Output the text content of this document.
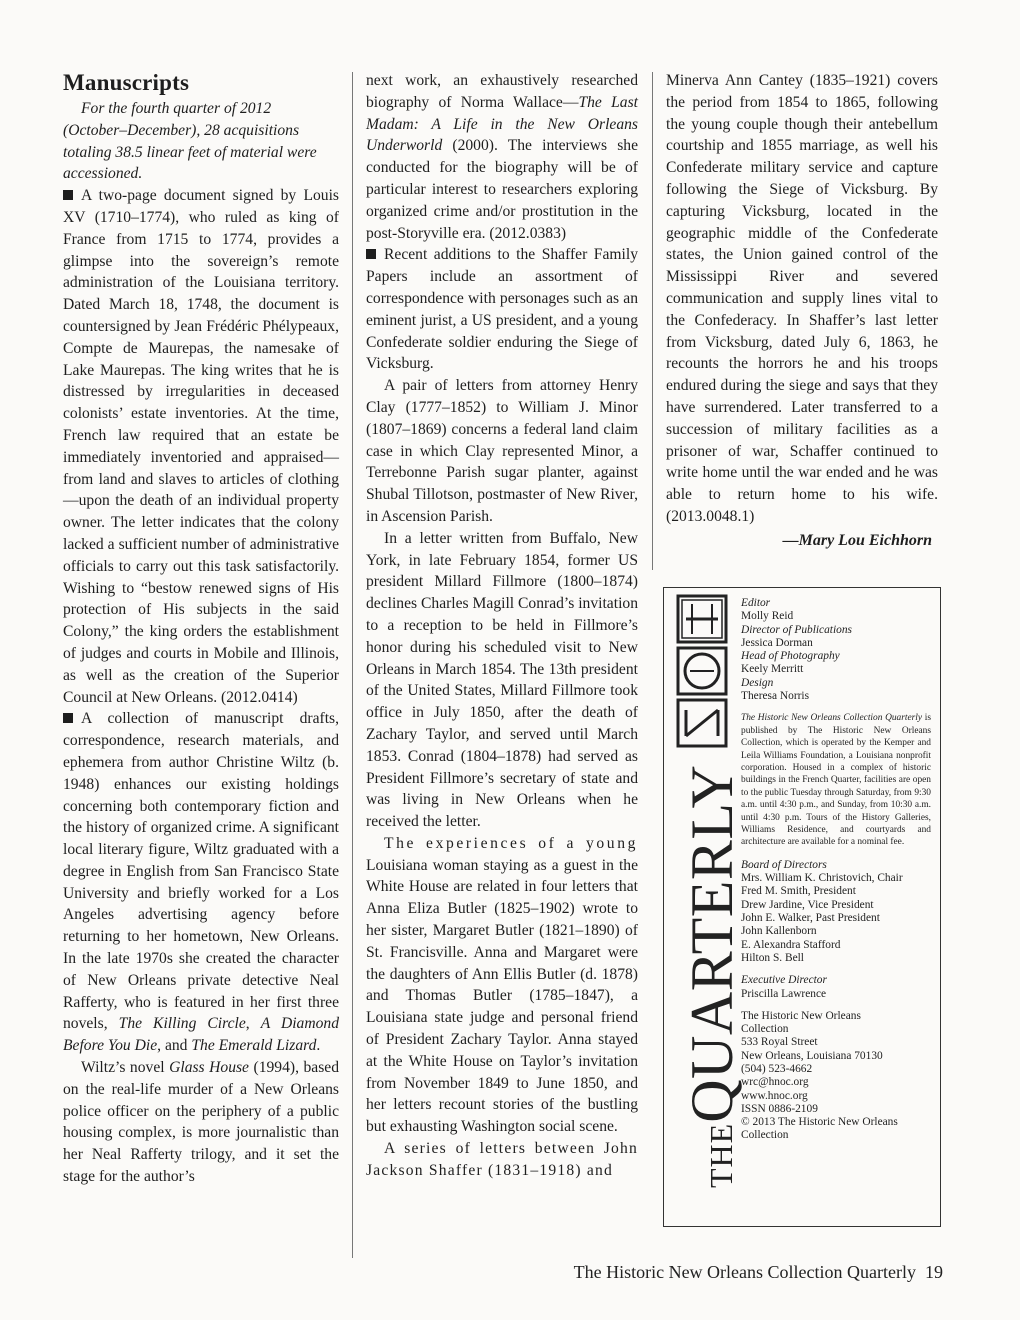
Manuscripts

For the fourth quarter of 2012 (October–December), 28 acquisitions totaling 38.5 linear feet of material were accessioned.

A two-page document signed by Louis XV (1710–1774), who ruled as king of France from 1715 to 1774, provides a glimpse into the sovereign’s remote administration of the Louisiana territory. Dated March 18, 1748, the document is countersigned by Jean Frédéric Phélypeaux, Compte de Maurepas, the namesake of Lake Maurepas. The king writes that he is distressed by irregularities in deceased colonists’ estate inventories. At the time, French law required that an estate be immediately inventoried and appraised—from land and slaves to articles of clothing—upon the death of an individual property owner. The letter indicates that the colony lacked a sufficient number of administrative officials to carry out this task satisfactorily. Wishing to “bestow renewed signs of His protection of His subjects in the said Colony,” the king orders the establishment of judges and courts in Mobile and Illinois, as well as the creation of the Superior Council at New Orleans. (2012.0414)

A collection of manuscript drafts, correspondence, research materials, and ephemera from author Christine Wiltz (b. 1948) enhances our existing holdings concerning both contemporary fiction and the history of organized crime. A significant local literary figure, Wiltz graduated with a degree in English from San Francisco State University and briefly worked for a Los Angeles advertising agency before returning to her hometown, New Orleans. In the late 1970s she created the character of New Orleans private detective Neal Rafferty, who is featured in her first three novels, The Killing Circle, A Diamond Before You Die, and The Emerald Lizard.

Wiltz’s novel Glass House (1994), based on the real-life murder of a New Orleans police officer on the periphery of a public housing complex, is more journalistic than her Neal Rafferty trilogy, and it set the stage for the author’s

next work, an exhaustively researched biography of Norma Wallace—The Last Madam: A Life in the New Orleans Underworld (2000). The interviews she conducted for the biography will be of particular interest to researchers exploring organized crime and/or prostitution in the post-Storyville era. (2012.0383)

Recent additions to the Shaffer Family Papers include an assortment of correspondence with personages such as an eminent jurist, a US president, and a young Confederate soldier enduring the Siege of Vicksburg.

A pair of letters from attorney Henry Clay (1777–1852) to William J. Minor (1807–1869) concerns a federal land claim case in which Clay represented Minor, a Terrebonne Parish sugar planter, against Shubal Tillotson, postmaster of New River, in Ascension Parish.

In a letter written from Buffalo, New York, in late February 1854, former US president Millard Fillmore (1800–1874) declines Charles Magill Conrad’s invitation to a reception to be held in Fillmore’s honor during his scheduled visit to New Orleans in March 1854. The 13th president of the United States, Millard Fillmore took office in July 1850, after the death of Zachary Taylor, and served until March 1853. Conrad (1804–1878) had served as President Fillmore’s secretary of state and was living in New Orleans when he received the letter.

The experiences of a young Louisiana woman staying as a guest in the White House are related in four letters that Anna Eliza Butler (1825–1902) wrote to her sister, Margaret Butler (1821–1890) of St. Francisville. Anna and Margaret were the daughters of Ann Ellis Butler (d. 1878) and Thomas Butler (1785–1847), a Louisiana state judge and personal friend of President Zachary Taylor. Anna stayed at the White House on Taylor’s invitation from November 1849 to June 1850, and her letters recount stories of the bustling but exhausting Washington social scene.

A series of letters between John Jackson Shaffer (1831–1918) and

Minerva Ann Cantey (1835–1921) covers the period from 1854 to 1865, following the young couple though their antebellum courtship and 1855 marriage, as well his Confederate military service and capture following the Siege of Vicksburg. By capturing Vicksburg, located in the geographic middle of the Confederate states, the Union gained control of the Mississippi River and severed communication and supply lines vital to the Confederacy. In Shaffer’s last letter from Vicksburg, dated July 6, 1863, he recounts the horrors he and his troops endured during the siege and says that they have surrendered. Later transferred to a succession of military facilities as a prisoner of war, Schaffer continued to write home until the war ended and he was able to return home to his wife. (2013.0048.1)

—Mary Lou Eichhorn
THEQUARTERLY
Editor
Molly Reid
Director of Publications
Jessica Dorman
Head of Photography
Keely Merritt
Design
Theresa Norris
The Historic New Orleans Collection Quarterly is published by The Historic New Orleans Collection, which is operated by the Kemper and Leila Williams Foundation, a Louisiana nonprofit corporation. Housed in a complex of historic buildings in the French Quarter, facilities are open to the public Tuesday through Saturday, from 9:30 a.m. until 4:30 p.m., and Sunday, from 10:30 a.m. until 4:30 p.m. Tours of the History Galleries, Williams Residence, and courtyards and architecture are available for a nominal fee.
Board of Directors
Mrs. William K. Christovich, Chair
Fred M. Smith, President
Drew Jardine, Vice President
John E. Walker, Past President
John Kallenborn
E. Alexandra Stafford
Hilton S. Bell
Executive Director
Priscilla Lawrence
The Historic New Orleans
Collection
533 Royal Street
New Orleans, Louisiana 70130
(504) 523-4662
wrc@hnoc.org
www.hnoc.org
ISSN 0886-2109
© 2013 The Historic New Orleans
Collection
The Historic New Orleans Collection Quarterly 19
